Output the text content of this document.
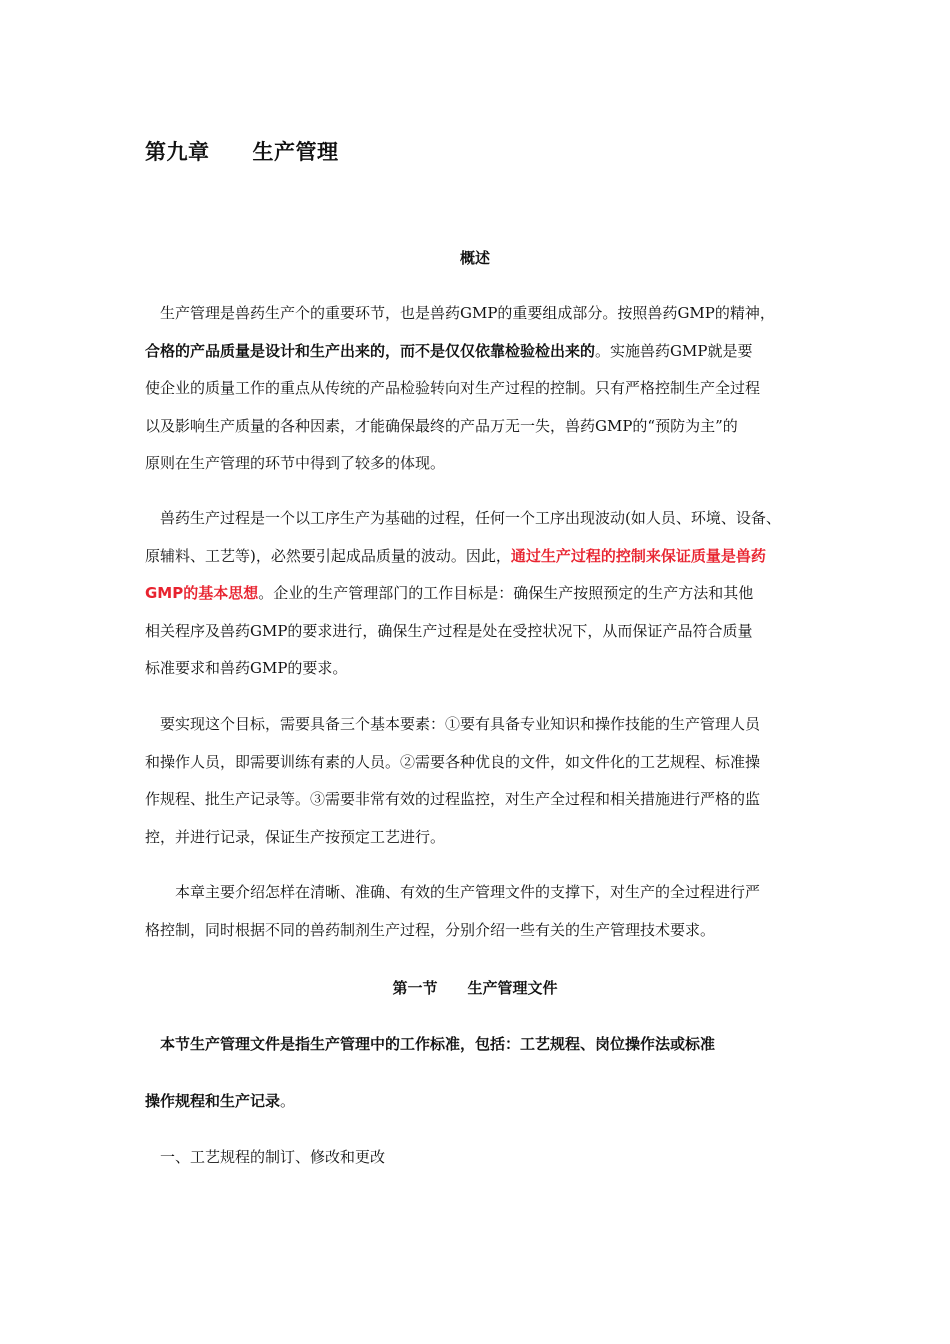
第九章　　生产管理
概述
　生产管理是兽药生产个的重要环节，也是兽药GMP的重要组成部分。按照兽药GMP的精神，
合格的产品质量是设计和生产出来的，而不是仅仅依靠检验检出来的。实施兽药GMP就是要
使企业的质量工作的重点从传统的产品检验转向对生产过程的控制。只有严格控制生产全过程
以及影响生产质量的各种因素，才能确保最终的产品万无一失，兽药GMP的“预防为主”的
原则在生产管理的环节中得到了较多的体现。
　兽药生产过程是一个以工序生产为基础的过程，任何一个工序出现波动(如人员、环境、设备、
原辅料、工艺等)，必然要引起成品质量的波动。因此，通过生产过程的控制来保证质量是兽药
GMP的基本思想。企业的生产管理部门的工作目标是：确保生产按照预定的生产方法和其他
相关程序及兽药GMP的要求进行，确保生产过程是处在受控状况下，从而保证产品符合质量
标准要求和兽药GMP的要求。
　要实现这个目标，需要具备三个基本要素：①要有具备专业知识和操作技能的生产管理人员
和操作人员，即需要训练有素的人员。②需要各种优良的文件，如文件化的工艺规程、标准操
作规程、批生产记录等。③需要非常有效的过程监控，对生产全过程和相关措施进行严格的监
控，并进行记录，保证生产按预定工艺进行。
　　本章主要介绍怎样在清晰、准确、有效的生产管理文件的支撑下，对生产的全过程进行严
格控制，同时根据不同的兽药制剂生产过程，分别介绍一些有关的生产管理技术要求。
第一节　　生产管理文件
　本节生产管理文件是指生产管理中的工作标准，包括：工艺规程、岗位操作法或标准
操作规程和生产记录。
　一、工艺规程的制订、修改和更改
